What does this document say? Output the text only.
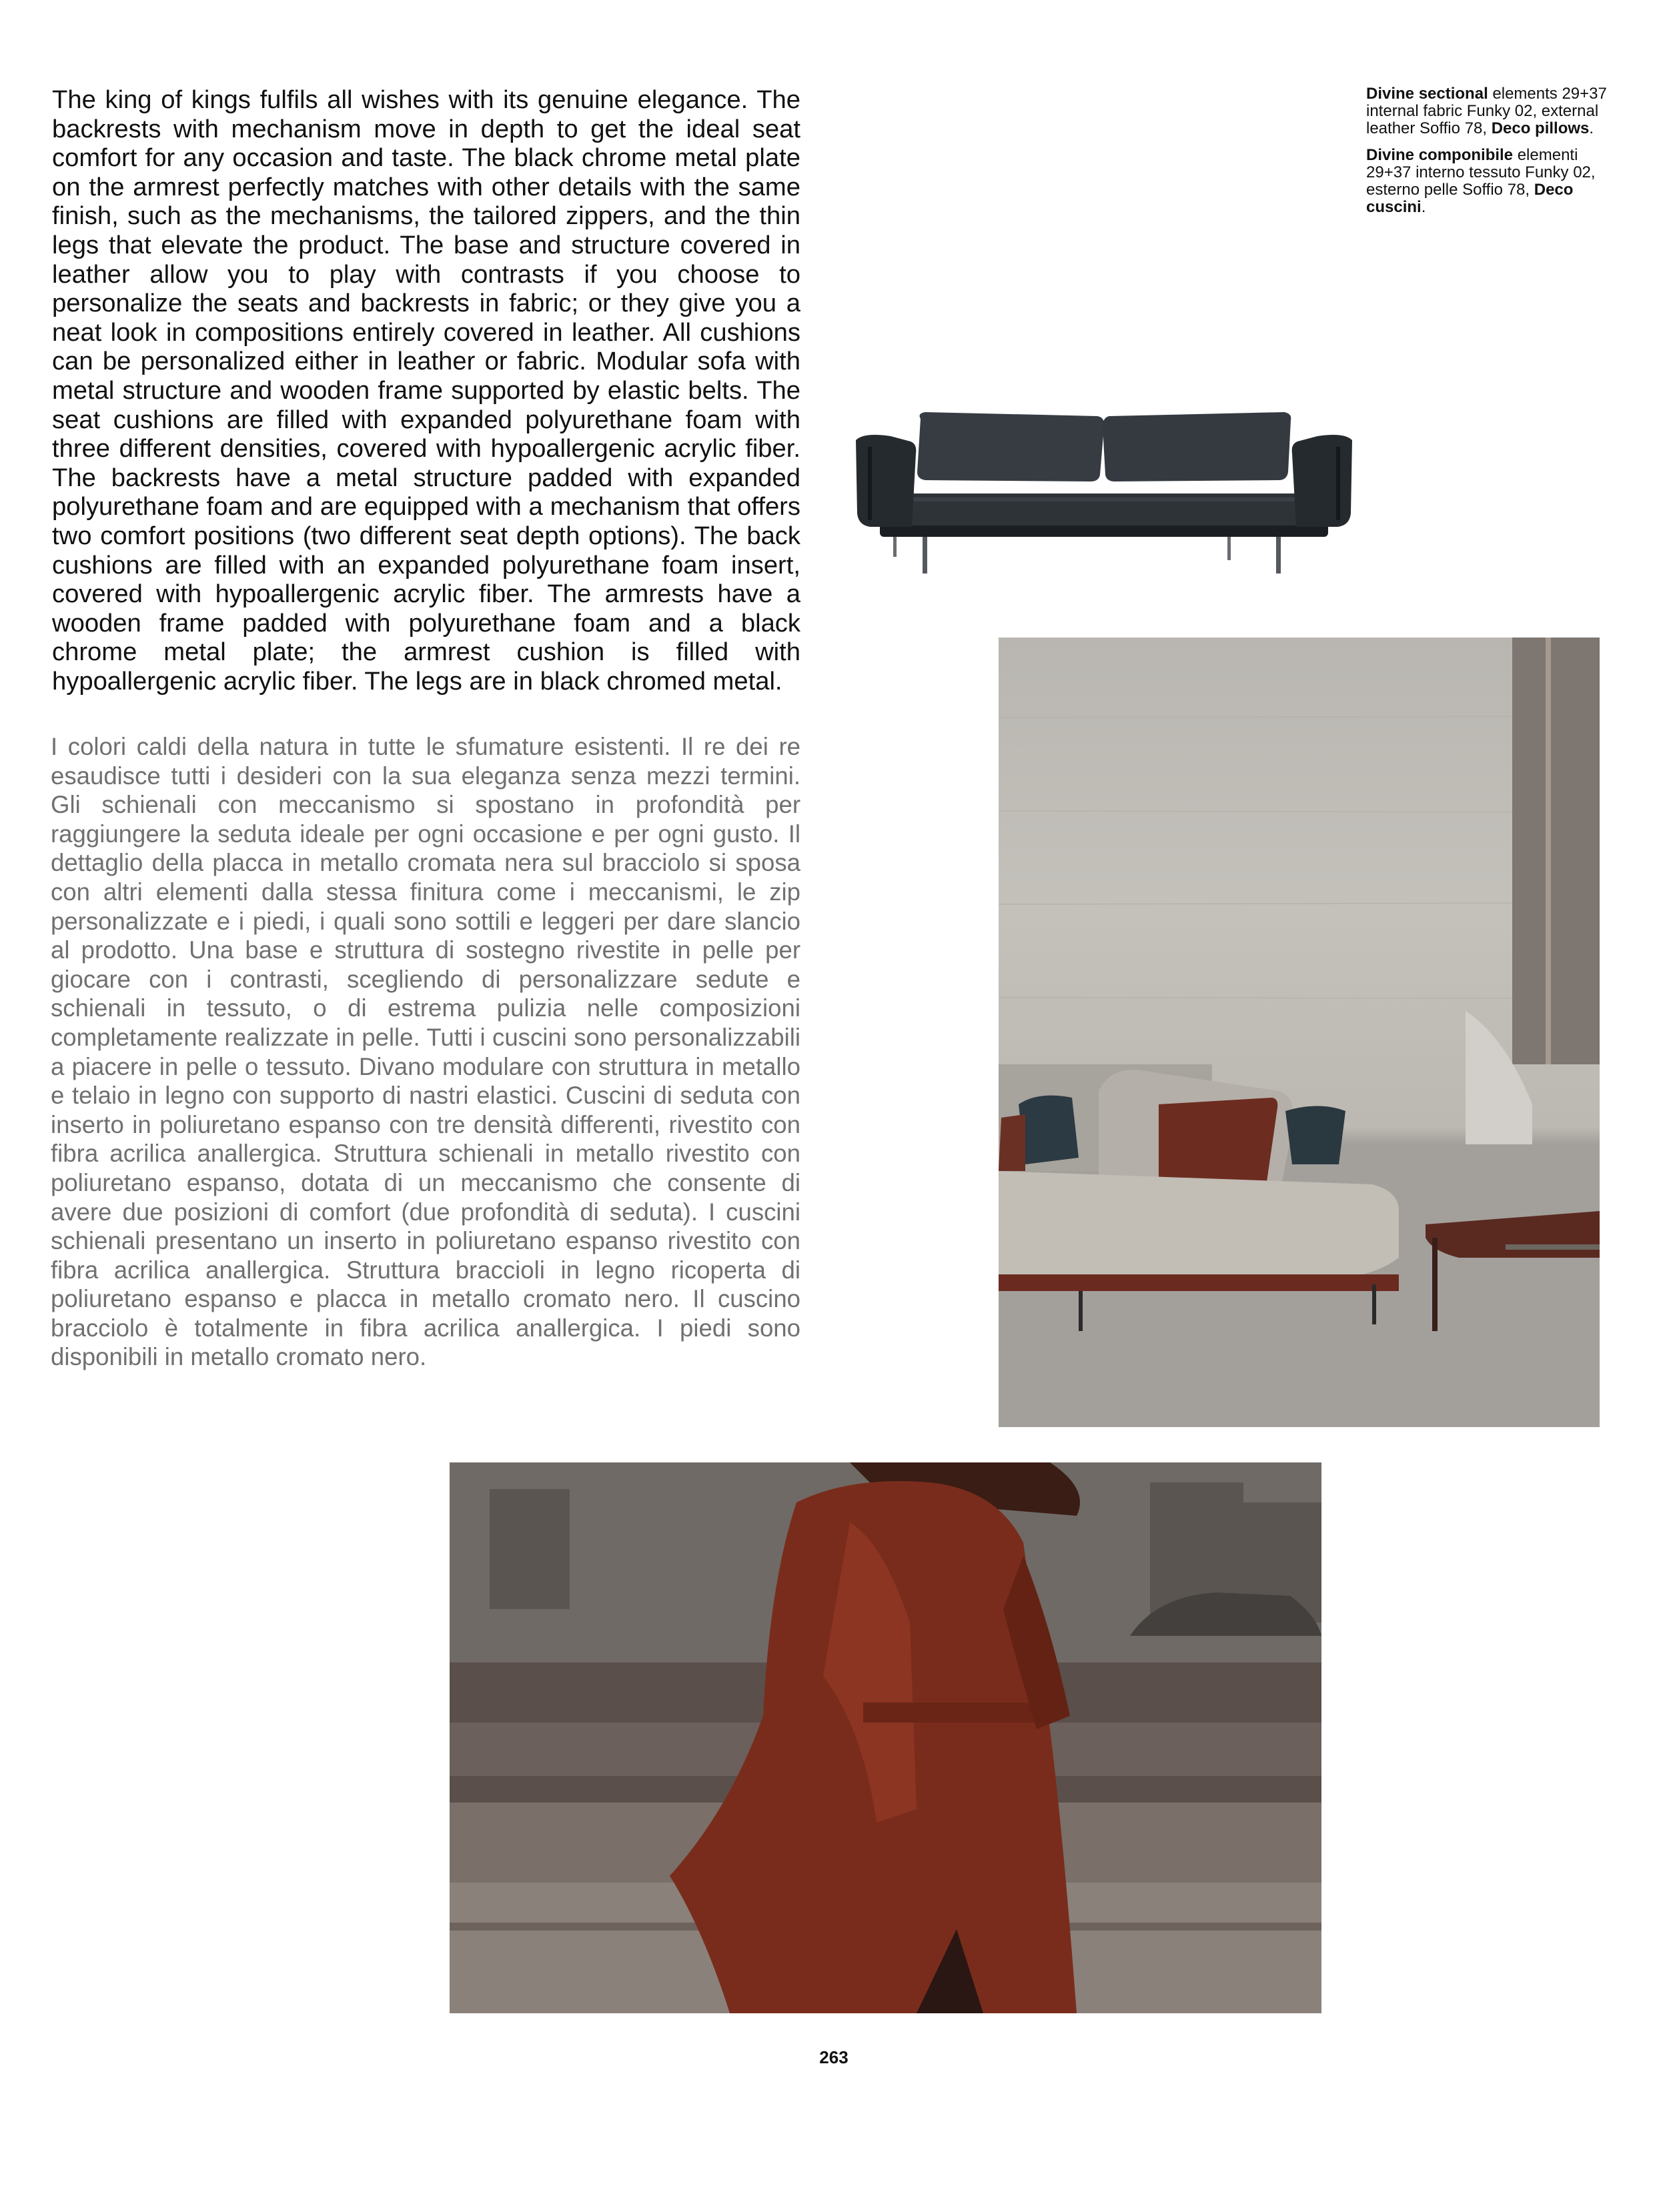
The king of kings fulfils all wishes with its genuine elegance. The backrests with mechanism move in depth to get the ideal seat comfort for any occasion and taste. The black chrome metal plate on the armrest perfectly matches with other details with the same finish, such as the mechanisms, the tailored zippers, and the thin legs that elevate the product. The base and structure covered in leather allow you to play with contrasts if you choose to personalize the seats and backrests in fabric; or they give you a neat look in compositions entirely covered in leather. All cushions can be personalized either in leather or fabric. Modular sofa with metal structure and wooden frame supported by elastic belts. The seat cushions are filled with expanded polyurethane foam with three different densities, covered with hypoallergenic acrylic fiber. The backrests have a metal structure padded with expanded polyurethane foam and are equipped with a mechanism that offers two comfort positions (two different seat depth options). The back cushions are filled with an expanded polyurethane foam insert, covered with hypoallergenic acrylic fiber. The armrests have a wooden frame padded with polyurethane foam and a black chrome metal plate; the armrest cushion is filled with hypoallergenic acrylic fiber. The legs are in black chromed metal.

I colori caldi della natura in tutte le sfumature esistenti. Il re dei re esaudisce tutti i desideri con la sua eleganza senza mezzi termini. Gli schienali con meccanismo si spostano in profondità per raggiungere la seduta ideale per ogni occasione e per ogni gusto. Il dettaglio della placca in metallo cromata nera sul bracciolo si sposa con altri elementi dalla stessa finitura come i meccanismi, le zip personalizzate e i piedi, i quali sono sottili e leggeri per dare slancio al prodotto. Una base e struttura di sostegno rivestite in pelle per giocare con i contrasti, scegliendo di personalizzare sedute e schienali in tessuto, o di estrema pulizia nelle composizioni completamente realizzate in pelle. Tutti i cuscini sono personalizzabili a piacere in pelle o tessuto. Divano modulare con struttura in metallo e telaio in legno con supporto di nastri elastici. Cuscini di seduta con inserto in poliuretano espanso con tre densità differenti, rivestito con fibra acrilica anallergica. Struttura schienali in metallo rivestito con poliuretano espanso, dotata di un meccanismo che consente di avere due posizioni di comfort (due profondità di seduta). I cuscini schienali presentano un inserto in poliuretano espanso rivestito con fibra acrilica anallergica. Struttura braccioli in legno ricoperta di poliuretano espanso e placca in metallo cromato nero. Il cuscino bracciolo è totalmente in fibra acrilica anallergica. I piedi sono disponibili in metallo cromato nero.

Divine sectional elements 29+37 internal fabric Funky 02, external leather Soffio 78, Deco pillows.

Divine componibile elementi 29+37 interno tessuto Funky 02, esterno pelle Soffio 78, Deco cuscini.

263
